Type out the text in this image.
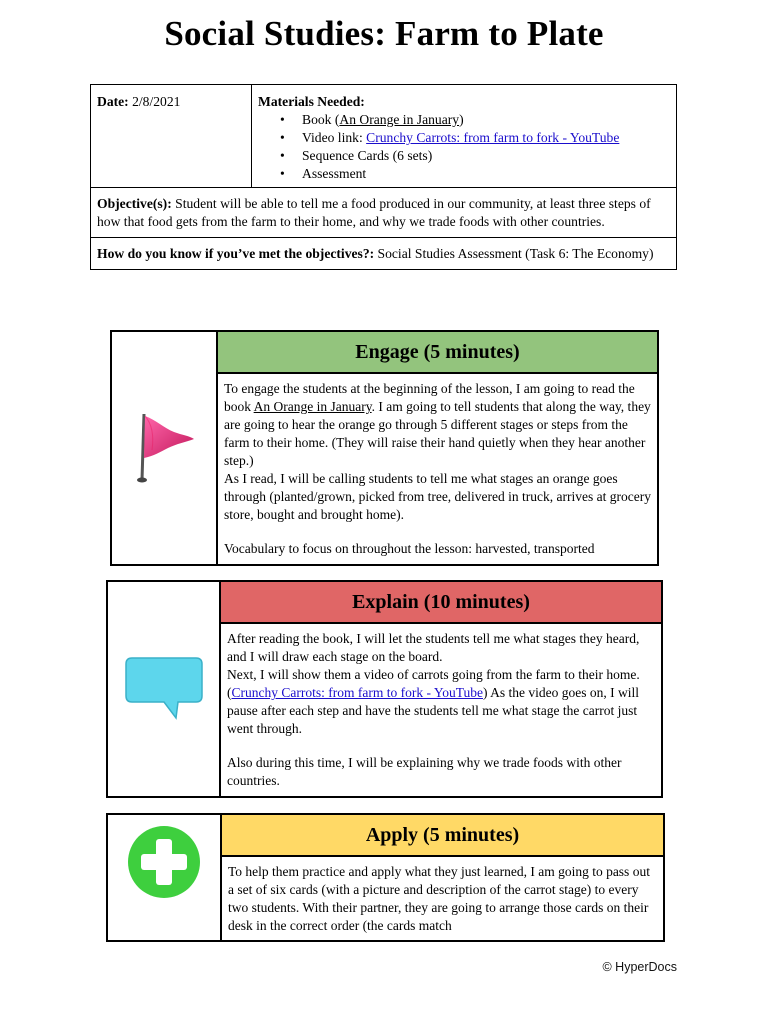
Social Studies: Farm to Plate
Date: 2/8/2021	Materials Needed:
• Book (An Orange in January)
• Video link: Crunchy Carrots: from farm to fork - YouTube
• Sequence Cards (6 sets)
• Assessment
Objective(s): Student will be able to tell me a food produced in our community, at least three steps of how that food gets from the farm to their home, and why we trade foods with other countries.
How do you know if you’ve met the objectives?: Social Studies Assessment (Task 6: The Economy)
Engage (5 minutes)

To engage the students at the beginning of the lesson, I am going to read the book An Orange in January. I am going to tell students that along the way, they are going to hear the orange go through 5 different stages or steps from the farm to their home. (They will raise their hand quietly when they hear another step.)

As I read, I will be calling students to tell me what stages an orange goes through (planted/grown, picked from tree, delivered in truck, arrives at grocery store, bought and brought home).

Vocabulary to focus on throughout the lesson: harvested, transported

Explain (10 minutes)

After reading the book, I will let the students tell me what stages they heard, and I will draw each stage on the board.

Next, I will show them a video of carrots going from the farm to their home. (Crunchy Carrots: from farm to fork - YouTube) As the video goes on, I will pause after each step and have the students tell me what stage the carrot just went through.

Also during this time, I will be explaining why we trade foods with other countries.

Apply (5 minutes)

To help them practice and apply what they just learned, I am going to pass out a set of six cards (with a picture and description of the carrot stage) to every two students. With their partner, they are going to arrange those cards on their desk in the correct order (the cards match

© HyperDocs
